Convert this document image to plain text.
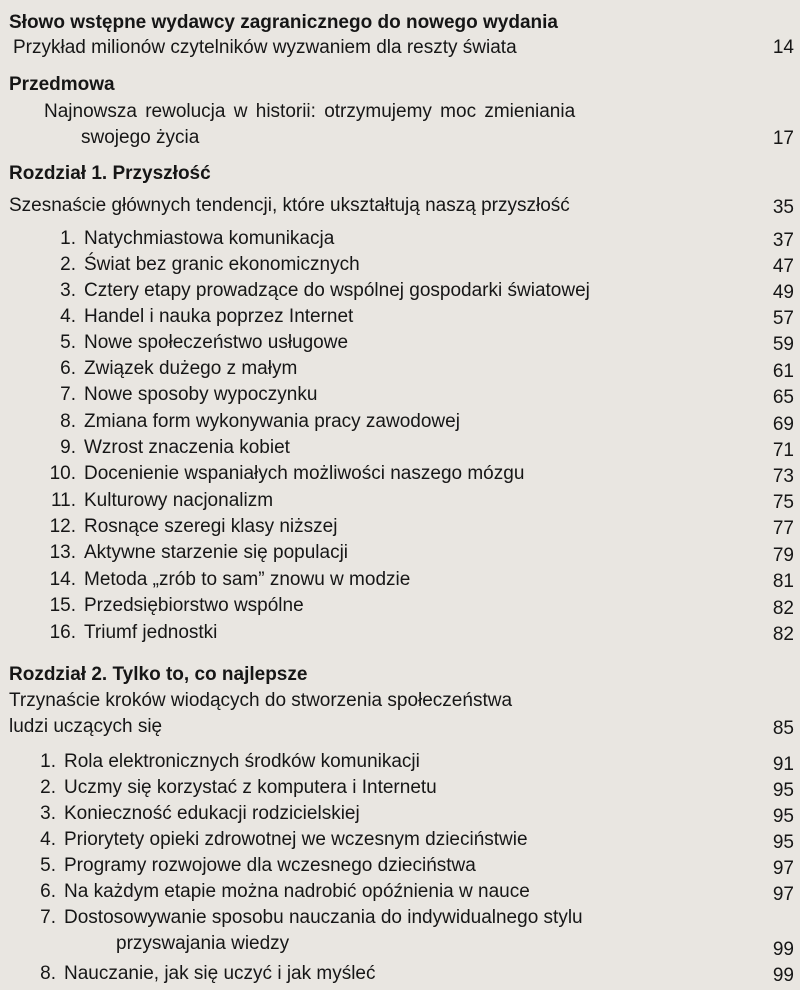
Słowo wstępne wydawcy zagranicznego do nowego wydania
Przykład milionów czytelników wyzwaniem dla reszty świata	14
Przedmowa
Najnowsza rewolucja w historii: otrzymujemy moc zmieniania
swojego życia	17
Rozdział 1. Przyszłość
Szesnaście głównych tendencji, które ukształtują naszą przyszłość	35
1. Natychmiastowa komunikacja	37
2. Świat bez granic ekonomicznych	47
3. Cztery etapy prowadzące do wspólnej gospodarki światowej	49
4. Handel i nauka poprzez Internet	57
5. Nowe społeczeństwo usługowe	59
6. Związek dużego z małym	61
7. Nowe sposoby wypoczynku	65
8. Zmiana form wykonywania pracy zawodowej	69
9. Wzrost znaczenia kobiet	71
10. Docenienie wspaniałych możliwości naszego mózgu	73
11. Kulturowy nacjonalizm	75
12. Rosnące szeregi klasy niższej	77
13. Aktywne starzenie się populacji	79
14. Metoda „zrób to sam” znowu w modzie	81
15. Przedsiębiorstwo wspólne	82
16. Triumf jednostki	82
Rozdział 2. Tylko to, co najlepsze
Trzynaście kroków wiodących do stworzenia społeczeństwa
ludzi uczących się	85
1. Rola elektronicznych środków komunikacji	91
2. Uczmy się korzystać z komputera i Internetu	95
3. Konieczność edukacji rodzicielskiej	95
4. Priorytety opieki zdrowotnej we wczesnym dzieciństwie	95
5. Programy rozwojowe dla wczesnego dzieciństwa	97
6. Na każdym etapie można nadrobić opóźnienia w nauce	97
7. Dostosowywanie sposobu nauczania do indywidualnego stylu
przyswajania wiedzy	99
8. Nauczanie, jak się uczyć i jak myśleć	99
